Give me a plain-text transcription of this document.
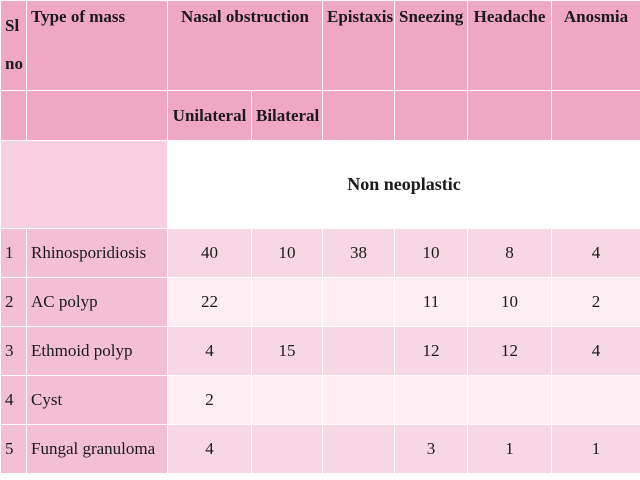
Sl no	Type of mass	Nasal obstruction		Epistaxis	Sneezing	Headache	Anosmia
		Unilateral	Bilateral				
		Non neoplastic					
1	Rhinosporidiosis	40	10	38	10	8	4
2	AC polyp	22			11	10	2
3	Ethmoid polyp	4	15		12	12	4
4	Cyst	2					
5	Fungal granuloma	4			3	1	1
